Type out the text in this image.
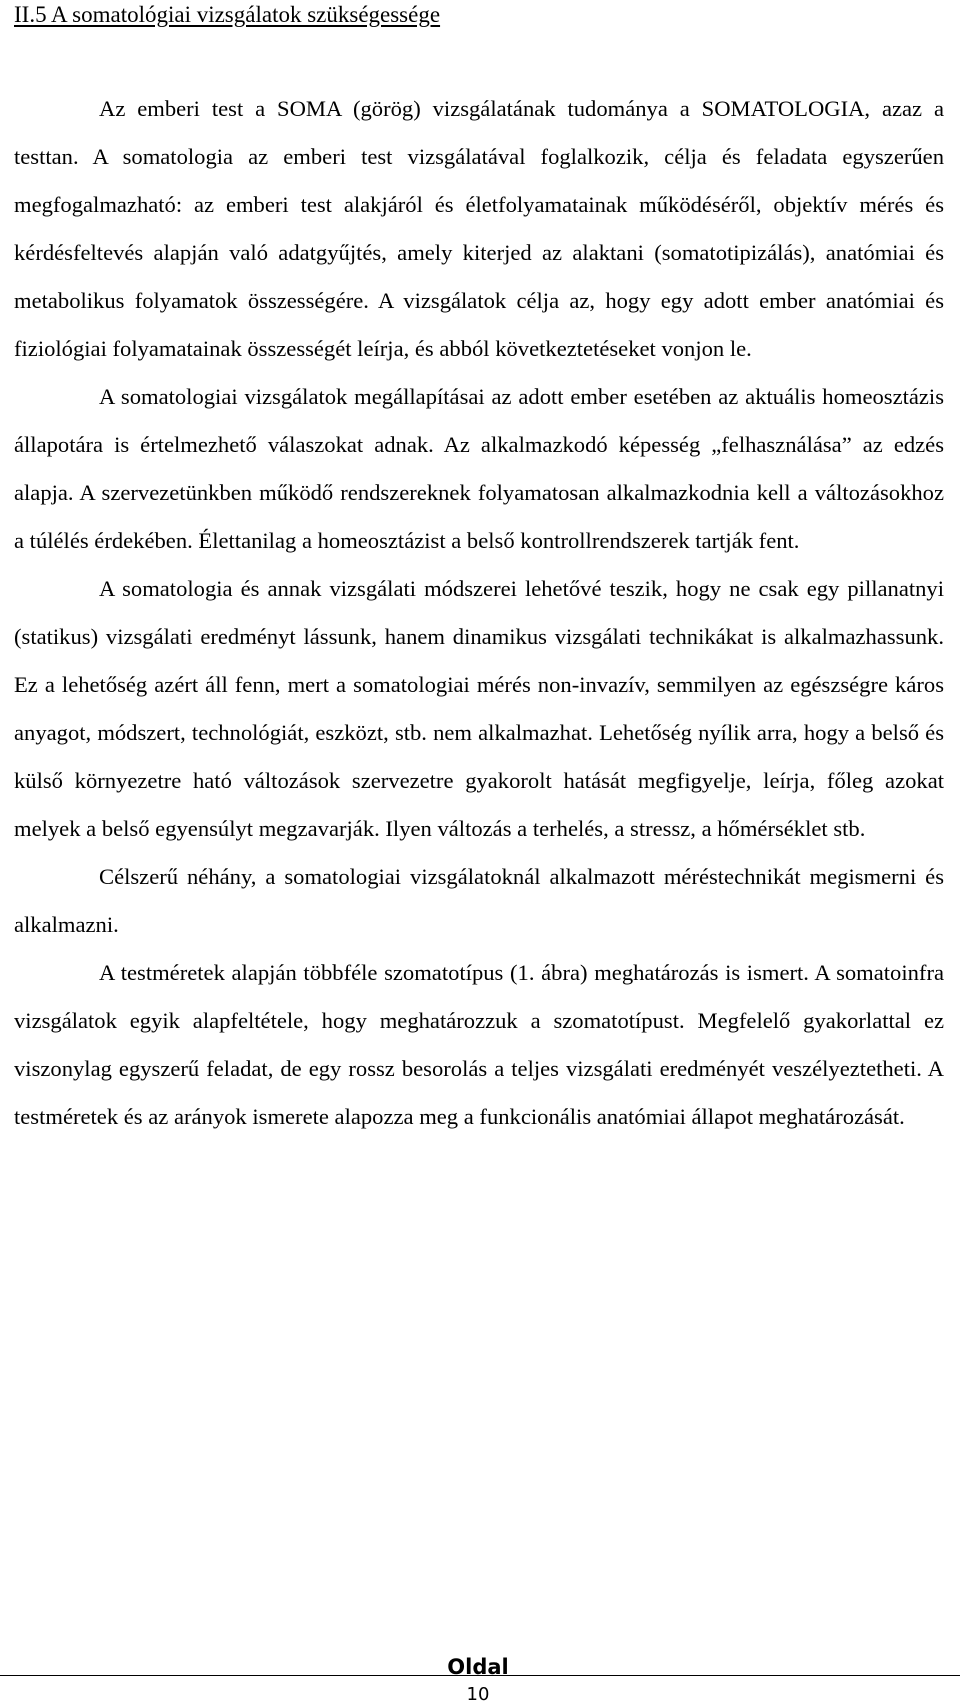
II.5 A somatológiai vizsgálatok szükségessége

Az emberi test a SOMA (görög) vizsgálatának tudománya a SOMATOLOGIA, azaz a testtan. A somatologia az emberi test vizsgálatával foglalkozik, célja és feladata egyszerűen megfogalmazható: az emberi test alakjáról és életfolyamatainak működéséről, objektív mérés és kérdésfeltevés alapján való adatgyűjtés, amely kiterjed az alaktani (somatotipizálás), anatómiai és metabolikus folyamatok összességére. A vizsgálatok célja az, hogy egy adott ember anatómiai és fiziológiai folyamatainak összességét leírja, és abból következtetéseket vonjon le.

A somatologiai vizsgálatok megállapításai az adott ember esetében az aktuális homeosztázis állapotára is értelmezhető válaszokat adnak. Az alkalmazkodó képesség „felhasználása” az edzés alapja. A szervezetünkben működő rendszereknek folyamatosan alkalmazkodnia kell a változásokhoz a túlélés érdekében. Élettanilag a homeosztázist a belső kontrollrendszerek tartják fent.

A somatologia és annak vizsgálati módszerei lehetővé teszik, hogy ne csak egy pillanatnyi (statikus) vizsgálati eredményt lássunk, hanem dinamikus vizsgálati technikákat is alkalmazhassunk. Ez a lehetőség azért áll fenn, mert a somatologiai mérés non-invazív, semmilyen az egészségre káros anyagot, módszert, technológiát, eszközt, stb. nem alkalmazhat. Lehetőség nyílik arra, hogy a belső és külső környezetre ható változások szervezetre gyakorolt hatását megfigyelje, leírja, főleg azokat melyek a belső egyensúlyt megzavarják. Ilyen változás a terhelés, a stressz, a hőmérséklet stb.

Célszerű néhány, a somatologiai vizsgálatoknál alkalmazott méréstechnikát megismerni és alkalmazni.

A testméretek alapján többféle szomatotípus (1. ábra) meghatározás is ismert. A somatoinfra vizsgálatok egyik alapfeltétele, hogy meghatározzuk a szomatotípust. Megfelelő gyakorlattal ez viszonylag egyszerű feladat, de egy rossz besorolás a teljes vizsgálati eredményét veszélyeztetheti. A testméretek és az arányok ismerete alapozza meg a funkcionális anatómiai állapot meghatározását.

Oldal
10
